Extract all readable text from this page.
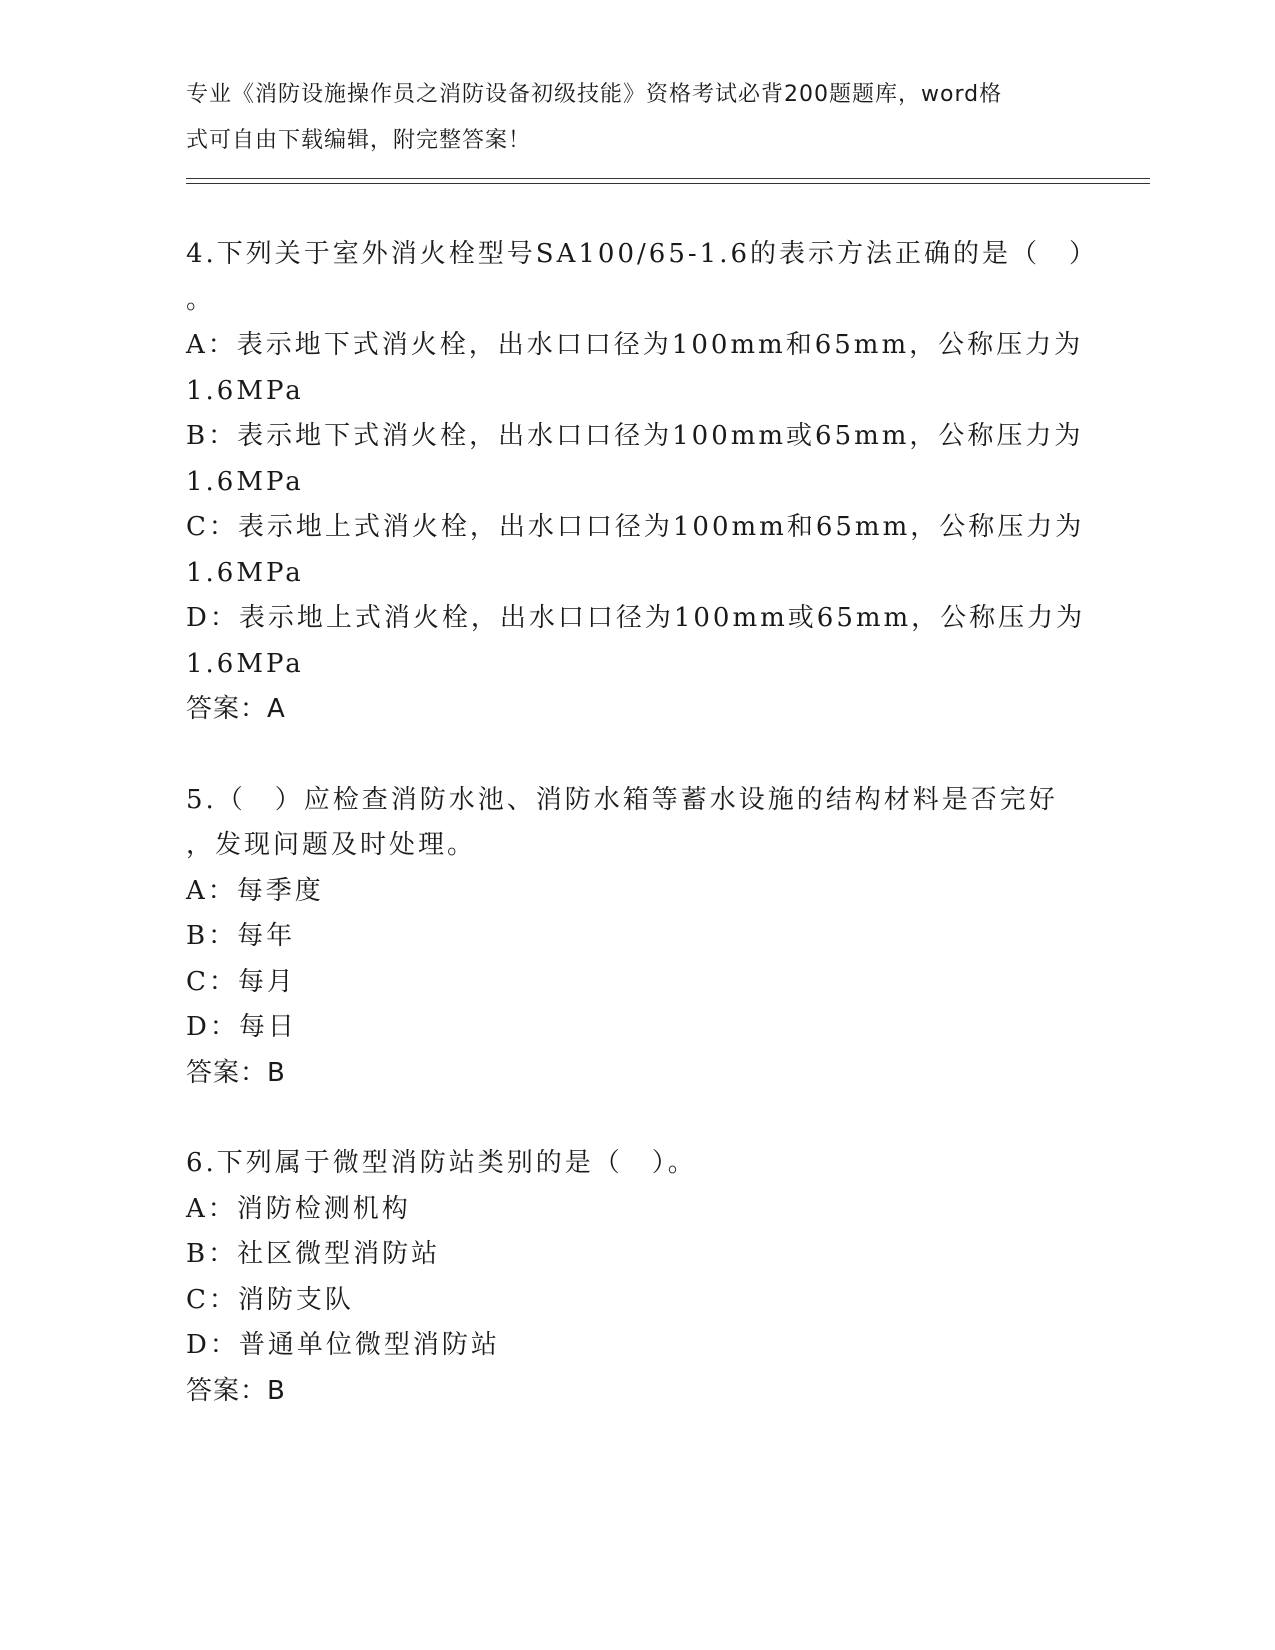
专业《消防设施操作员之消防设备初级技能》资格考试必背200题题库，word格
式可自由下载编辑，附完整答案！
4.下列关于室外消火栓型号SA100/65-1.6的表示方法正确的是（　）
。
A：表示地下式消火栓，出水口口径为100mm和65mm，公称压力为
1.6MPa
B：表示地下式消火栓，出水口口径为100mm或65mm，公称压力为
1.6MPa
C：表示地上式消火栓，出水口口径为100mm和65mm，公称压力为
1.6MPa
D：表示地上式消火栓，出水口口径为100mm或65mm，公称压力为
1.6MPa
答案：A
5.（　）应检查消防水池、消防水箱等蓄水设施的结构材料是否完好
，发现问题及时处理。
A：每季度
B：每年
C：每月
D：每日
答案：B
6.下列属于微型消防站类别的是（　）。
A：消防检测机构
B：社区微型消防站
C：消防支队
D：普通单位微型消防站
答案：B
